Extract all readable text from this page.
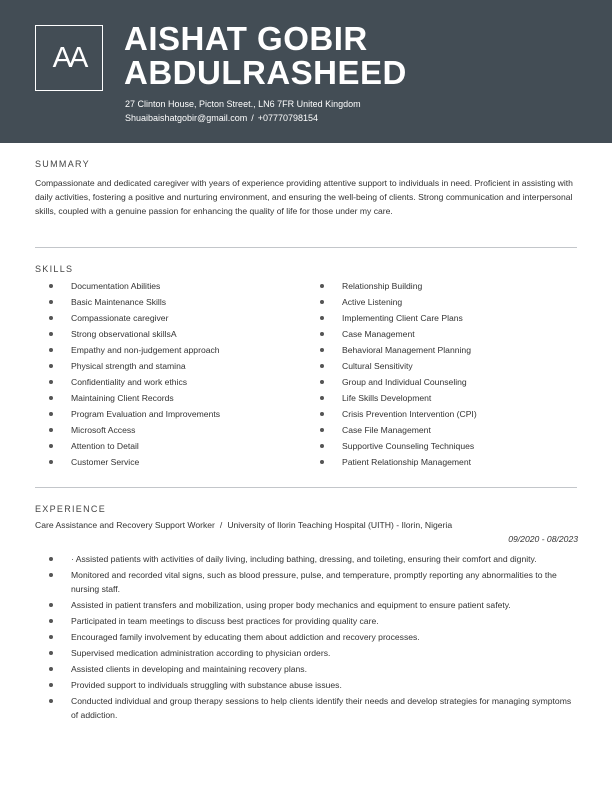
AA
AISHAT GOBIR
ABDULRASHEED
27 Clinton House, Picton Street., LN6 7FR United Kingdom
Shuaibaishatgobir@gmail.com / +07770798154
SUMMARY
Compassionate and dedicated caregiver with years of experience providing attentive support to individuals in need. Proficient in assisting with daily activities, fostering a positive and nurturing environment, and ensuring the well-being of clients. Strong communication and interpersonal skills, coupled with a genuine passion for enhancing the quality of life for those under my care.
SKILLS
Documentation Abilities
Basic Maintenance Skills
Compassionate caregiver
Strong observational skillsA
Empathy and non-judgement approach
Physical strength and stamina
Confidentiality and work ethics
Maintaining Client Records
Program Evaluation and Improvements
Microsoft Access
Attention to Detail
Customer Service
Relationship Building
Active Listening
Implementing Client Care Plans
Case Management
Behavioral Management Planning
Cultural Sensitivity
Group and Individual Counseling
Life Skills Development
Crisis Prevention Intervention (CPI)
Case File Management
Supportive Counseling Techniques
Patient Relationship Management
EXPERIENCE
Care Assistance and Recovery Support Worker / University of Ilorin Teaching Hospital (UITH) - Ilorin, Nigeria
09/2020 - 08/2023
· Assisted patients with activities of daily living, including bathing, dressing, and toileting, ensuring their comfort and dignity.
Monitored and recorded vital signs, such as blood pressure, pulse, and temperature, promptly reporting any abnormalities to the nursing staff.
Assisted in patient transfers and mobilization, using proper body mechanics and equipment to ensure patient safety.
Participated in team meetings to discuss best practices for providing quality care.
Encouraged family involvement by educating them about addiction and recovery processes.
Supervised medication administration according to physician orders.
Assisted clients in developing and maintaining recovery plans.
Provided support to individuals struggling with substance abuse issues.
Conducted individual and group therapy sessions to help clients identify their needs and develop strategies for managing symptoms of addiction.
